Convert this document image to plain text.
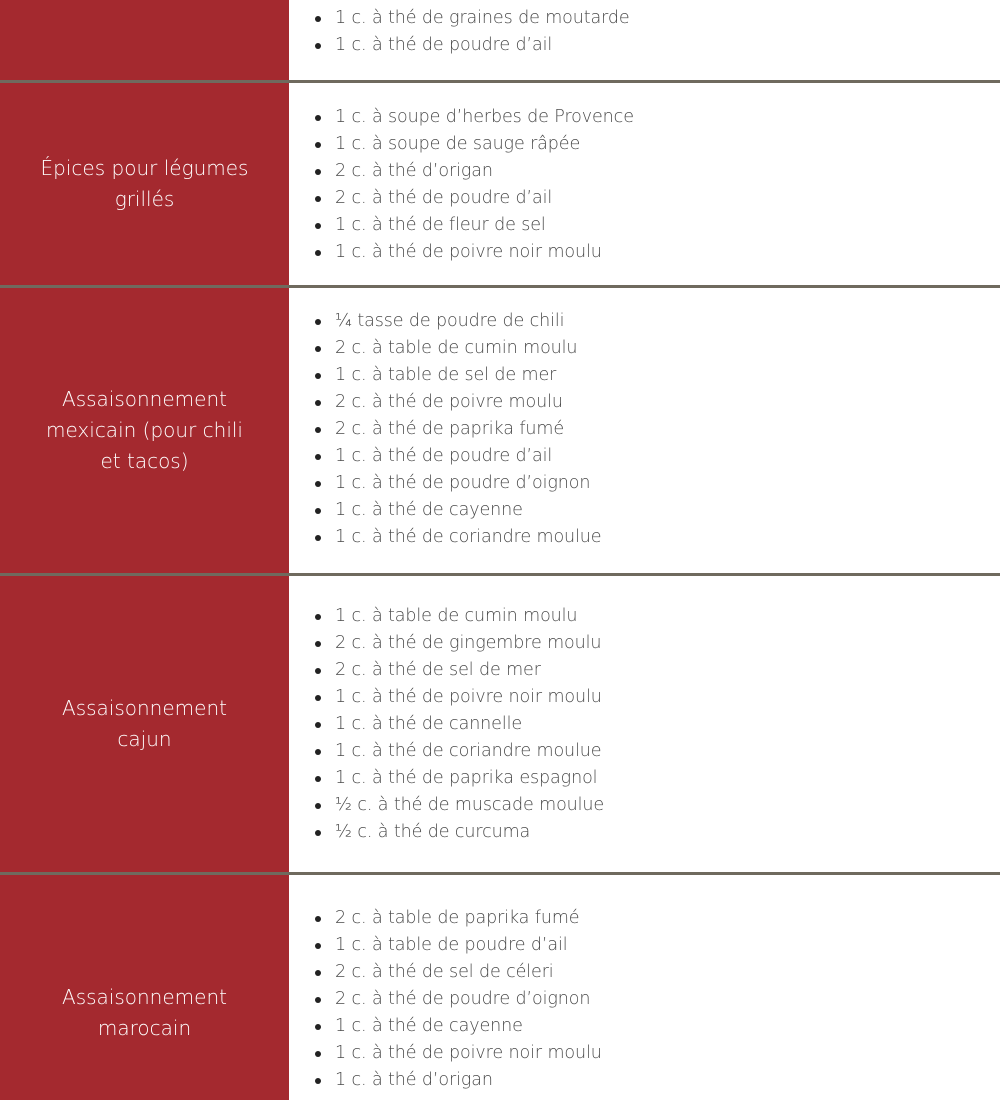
1 c. à thé de graines de moutarde
1 c. à thé de poudre d’ail
Épices pour légumes grillés
1 c. à soupe d’herbes de Provence
1 c. à soupe de sauge râpée
2 c. à thé d’origan
2 c. à thé de poudre d’ail
1 c. à thé de fleur de sel
1 c. à thé de poivre noir moulu
Assaisonnement mexicain (pour chili et tacos)
¼ tasse de poudre de chili
2 c. à table de cumin moulu
1 c. à table de sel de mer
2 c. à thé de poivre moulu
2 c. à thé de paprika fumé
1 c. à thé de poudre d’ail
1 c. à thé de poudre d’oignon
1 c. à thé de cayenne
1 c. à thé de coriandre moulue
Assaisonnement cajun
1 c. à table de cumin moulu
2 c. à thé de gingembre moulu
2 c. à thé de sel de mer
1 c. à thé de poivre noir moulu
1 c. à thé de cannelle
1 c. à thé de coriandre moulue
1 c. à thé de paprika espagnol
½ c. à thé de muscade moulue
½ c. à thé de curcuma
Assaisonnement marocain
2 c. à table de paprika fumé
1 c. à table de poudre d’ail
2 c. à thé de sel de céleri
2 c. à thé de poudre d’oignon
1 c. à thé de cayenne
1 c. à thé de poivre noir moulu
1 c. à thé d’origan
